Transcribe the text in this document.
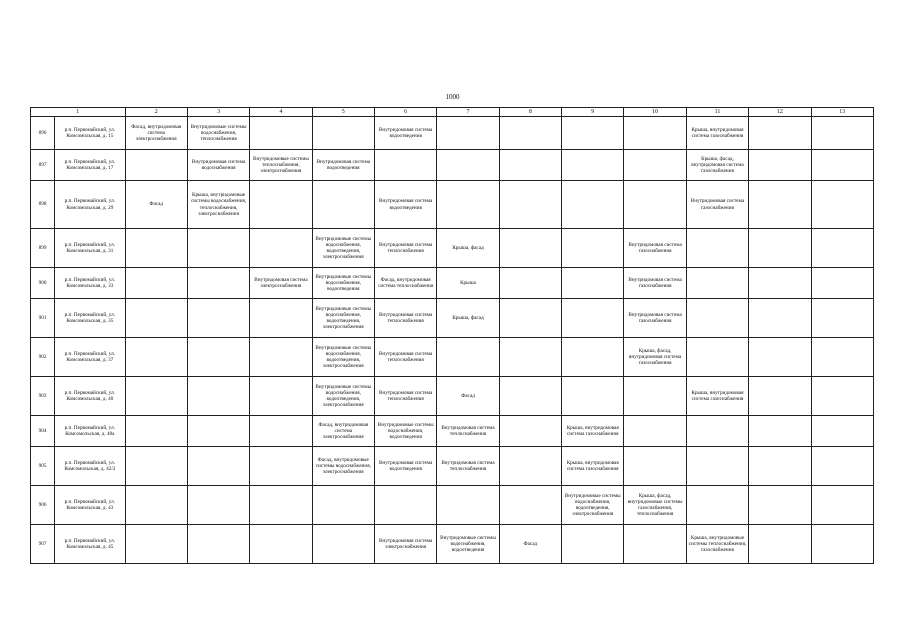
1000
1		2	3	4	5	6	7	8	9	10	11	12	13
896	р.п. Первомайский, ул. Комсомольская, д. 15	Фасад, внутридомовая система электроснабжения	Внутридомовые системы водоснабжения, теплоснабжения			Внутридомовая система водоотведения					Крыша, внутридомовая система газоснабжения		
897	р.п. Первомайский, ул. Комсомольская, д. 17		Внутридомовая система водоснабжения	Внутридомовые системы теплоснабжения, электроснабжения	Внутридомовая система водоотведения						Крыша, фасад, внутридомовая система газоснабжения		
898	р.п. Первомайский, ул. Комсомольская, д. 29	Фасад	Крыша, внутридомовые системы водоснабжения, теплоснабжения, электроснабжения			Внутридомовая система водоотведения					Внутридомовая система газоснабжения		
899	р.п. Первомайский, ул. Комсомольская, д. 31				Внутридомовые системы водоснабжения, водоотведения, электроснабжения	Внутридомовая система теплоснабжения	Крыша, фасад			Внутридомовая система газоснабжения			
900	р.п. Первомайский, ул. Комсомольская, д. 33			Внутридомовая система электроснабжения	Внутридомовые системы водоснабжения, водоотведения	Фасад, внутридомовая система теплоснабжения	Крыша			Внутридомовая система газоснабжения			
901	р.п. Первомайский, ул. Комсомольская, д. 35				Внутридомовые системы водоснабжения, водоотведения, электроснабжения	Внутридомовая система теплоснабжения	Крыша, фасад			Внутридомовая система газоснабжения			
902	р.п. Первомайский, ул. Комсомольская, д. 37				Внутридомовые системы водоснабжения, водоотведения, электроснабжения	Внутридомовая система теплоснабжения				Крыша, фасад, внутридомовая система газоснабжения			
903	р.п. Первомайский, ул. Комсомольская, д. 40				Внутридомовые системы водоснабжения, водоотведения, электроснабжения	Внутридомовая система теплоснабжения	Фасад				Крыша, внутридомовая система газоснабжения		
904	р.п. Первомайский, ул. Комсомольская, д. 40а				Фасад, внутридомовая система электроснабжения	Внутридомовые системы водоснабжения, водоотведения	Внутридомовая система теплоснабжения		Крыша, внутридомовая система газоснабжения				
905	р.п. Первомайский, ул. Комсомольская, д. 42/2				Фасад, внутридомовые системы водоснабжения, электроснабжения	Внутридомовая система водоотведения	Внутридомовая система теплоснабжения		Крыша, внутридомовая система газоснабжения				
906	р.п. Первомайский, ул. Комсомольская, д. 43								Внутридомовые системы водоснабжения, водоотведения, электроснабжения	Крыша, фасад, внутридомовые системы газоснабжения, теплоснабжения			
907	р.п. Первомайский, ул. Комсомольская, д. 45					Внутридомовая система электроснабжения	Внутридомовые системы водоснабжения, водоотведения	Фасад			Крыша, внутридомовые системы теплоснабжения, газоснабжения		
